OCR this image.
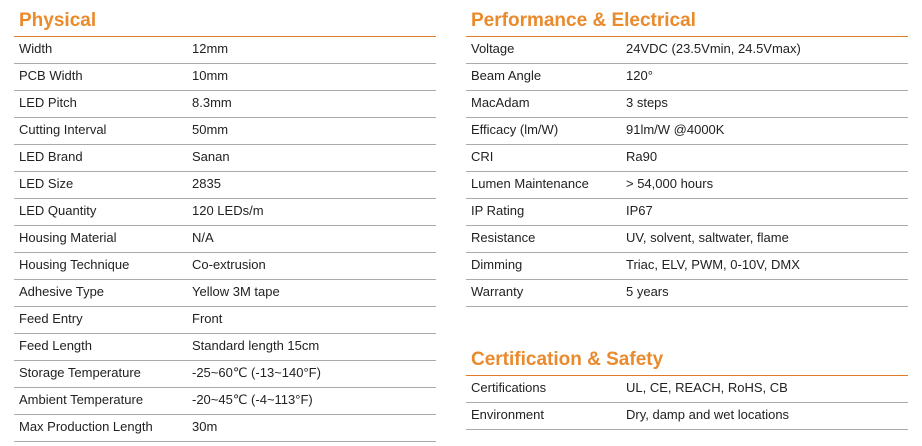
Physical
Width	12mm
PCB Width	10mm
LED Pitch	8.3mm
Cutting Interval	50mm
LED Brand	Sanan
LED Size	2835
LED Quantity	120 LEDs/m
Housing Material	N/A
Housing Technique	Co-extrusion
Adhesive Type	Yellow 3M tape
Feed Entry	Front
Feed Length	Standard length 15cm
Storage Temperature	-25~60℃ (-13~140°F)
Ambient Temperature	-20~45℃ (-4~113°F)
Max Production Length	30m
Performance & Electrical
Voltage	24VDC (23.5Vmin, 24.5Vmax)
Beam Angle	120°
MacAdam	3 steps
Efficacy (lm/W)	91lm/W @4000K
CRI	Ra90
Lumen Maintenance	> 54,000 hours
IP Rating	IP67
Resistance	UV, solvent, saltwater, flame
Dimming	Triac, ELV, PWM, 0-10V, DMX
Warranty	5 years
Certification & Safety
Certifications	UL, CE, REACH, RoHS, CB
Environment	Dry, damp and wet locations
